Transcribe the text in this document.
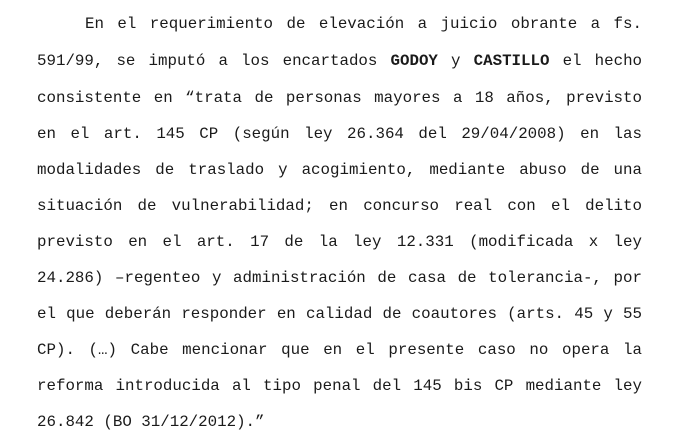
En el requerimiento de elevación a juicio obrante a fs.
591/99, se imputó a los encartados GODOY y CASTILLO el hecho
consistente en “trata de personas mayores a 18 años, previsto
en el art. 145 CP (según ley 26.364 del 29/04/2008) en las
modalidades de traslado y acogimiento, mediante abuso de una
situación de vulnerabilidad; en concurso real con el delito
previsto en el art. 17 de la ley 12.331 (modificada x ley
24.286) –regenteo y administración de casa de tolerancia-, por
el que deberán responder en calidad de coautores (arts. 45 y 55
CP). (…) Cabe mencionar que en el presente caso no opera la
reforma introducida al tipo penal del 145 bis CP mediante ley
26.842 (BO 31/12/2012).”
